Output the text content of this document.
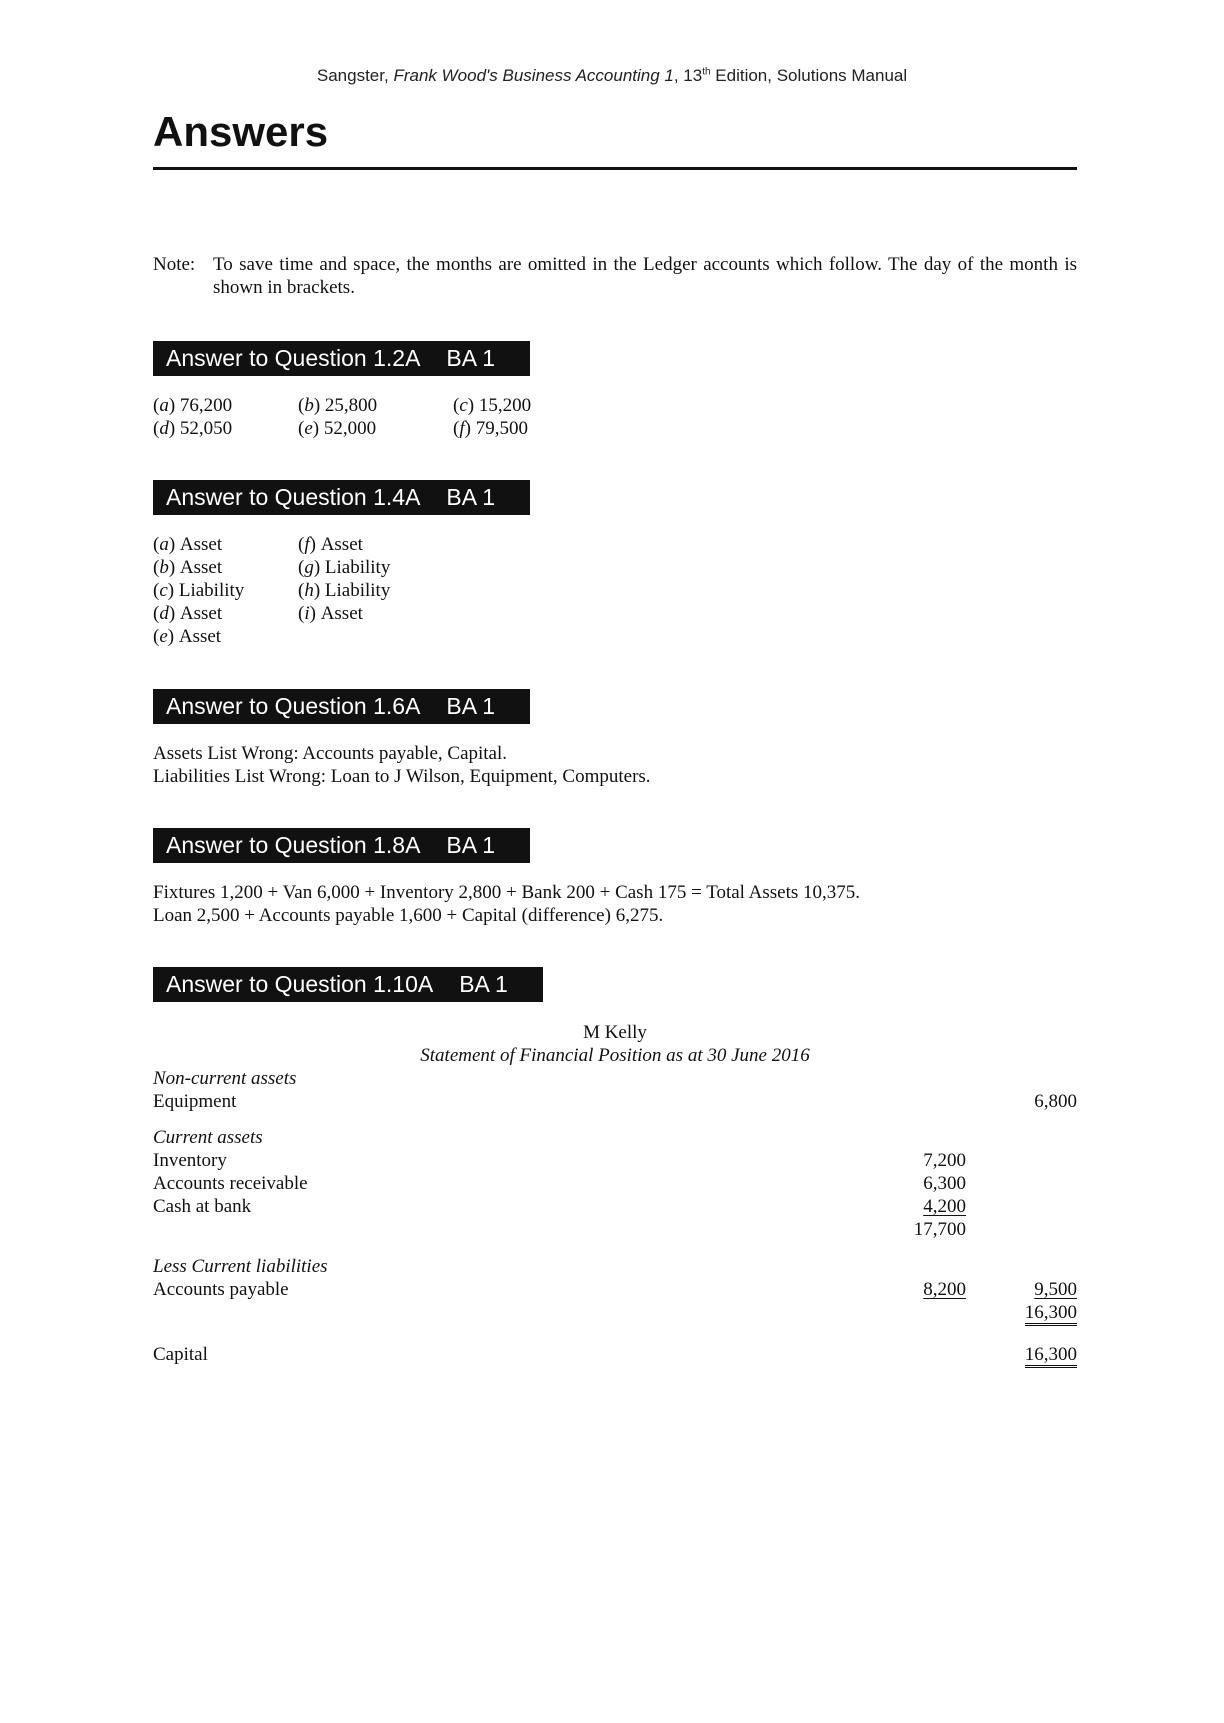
Sangster, Frank Wood's Business Accounting 1, 13th Edition, Solutions Manual
Answers
Note: To save time and space, the months are omitted in the Ledger accounts which follow. The day of the month is shown in brackets.
Answer to Question 1.2A BA 1
(a) 76,200	(b) 25,800	(c) 15,200
(d) 52,050	(e) 52,000	(f) 79,500
Answer to Question 1.4A BA 1
(a) Asset
(b) Asset
(c) Liability
(d) Asset
(e) Asset
(f) Asset
(g) Liability
(h) Liability
(i) Asset
Answer to Question 1.6A BA 1
Assets List Wrong: Accounts payable, Capital.
Liabilities List Wrong: Loan to J Wilson, Equipment, Computers.
Answer to Question 1.8A BA 1
Fixtures 1,200 + Van 6,000 + Inventory 2,800 + Bank 200 + Cash 175 = Total Assets 10,375.
Loan 2,500 + Accounts payable 1,600 + Capital (difference) 6,275.
Answer to Question 1.10A BA 1
M Kelly
Statement of Financial Position as at 30 June 2016
Non-current assets
Equipment	6,800
Current assets
Inventory	7,200
Accounts receivable	6,300
Cash at bank	4,200
17,700
Less Current liabilities
Accounts payable	8,200	9,500
16,300
Capital	16,300
